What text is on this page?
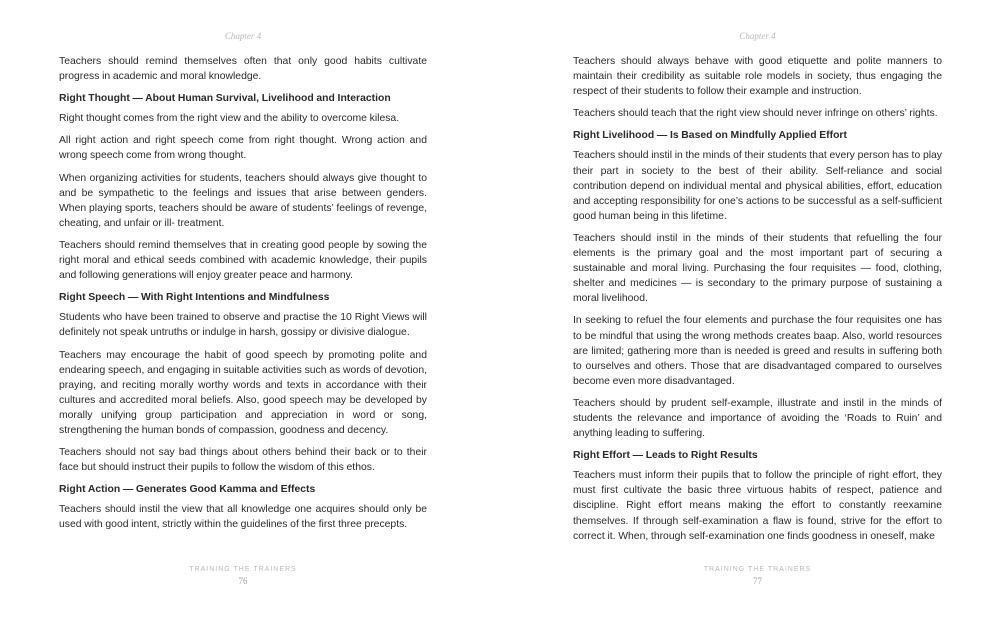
Chapter 4

Teachers should remind themselves often that only good habits cultivate progress in academic and moral knowledge.

Right Thought — About Human Survival, Livelihood and Interaction

Right thought comes from the right view and the ability to overcome kilesa.

All right action and right speech come from right thought. Wrong action and wrong speech come from wrong thought.

When organizing activities for students, teachers should always give thought to and be sympathetic to the feelings and issues that arise between genders. When playing sports, teachers should be aware of students’ feelings of revenge, cheating, and unfair or ill- treatment.

Teachers should remind themselves that in creating good people by sowing the right moral and ethical seeds combined with academic knowledge, their pupils and following generations will enjoy greater peace and harmony.

Right Speech — With Right Intentions and Mindfulness

Students who have been trained to observe and practise the 10 Right Views will definitely not speak untruths or indulge in harsh, gossipy or divisive dialogue.

Teachers may encourage the habit of good speech by promoting polite and endearing speech, and engaging in suitable activities such as words of devotion, praying, and reciting morally worthy words and texts in accordance with their cultures and accredited moral beliefs. Also, good speech may be developed by morally unifying group participation and appreciation in word or song, strengthening the human bonds of compassion, goodness and decency.

Teachers should not say bad things about others behind their back or to their face but should instruct their pupils to follow the wisdom of this ethos.

Right Action — Generates Good Kamma and Effects

Teachers should instil the view that all knowledge one acquires should only be used with good intent, strictly within the guidelines of the first three precepts.

TRAINING THE TRAINERS
76
Chapter 4

Teachers should always behave with good etiquette and polite manners to maintain their credibility as suitable role models in society, thus engaging the respect of their students to follow their example and instruction.

Teachers should teach that the right view should never infringe on others’ rights.

Right Livelihood — Is Based on Mindfully Applied Effort

Teachers should instil in the minds of their students that every person has to play their part in society to the best of their ability. Self-reliance and social contribution depend on individual mental and physical abilities, effort, education and accepting responsibility for one’s actions to be successful as a self-sufficient good human being in this lifetime.

Teachers should instil in the minds of their students that refuelling the four elements is the primary goal and the most important part of securing a sustainable and moral living. Purchasing the four requisites — food, clothing, shelter and medicines — is secondary to the primary purpose of sustaining a moral livelihood.

In seeking to refuel the four elements and purchase the four requisites one has to be mindful that using the wrong methods creates baap. Also, world resources are limited; gathering more than is needed is greed and results in suffering both to ourselves and others. Those that are disadvantaged compared to ourselves become even more disadvantaged.

Teachers should by prudent self-example, illustrate and instil in the minds of students the relevance and importance of avoiding the ‘Roads to Ruin’ and anything leading to suffering.

Right Effort — Leads to Right Results

Teachers must inform their pupils that to follow the principle of right effort, they must first cultivate the basic three virtuous habits of respect, patience and discipline. Right effort means making the effort to constantly reexamine themselves. If through self-examination a flaw is found, strive for the effort to correct it. When, through self-examination one finds goodness in oneself, make

TRAINING THE TRAINERS
77
